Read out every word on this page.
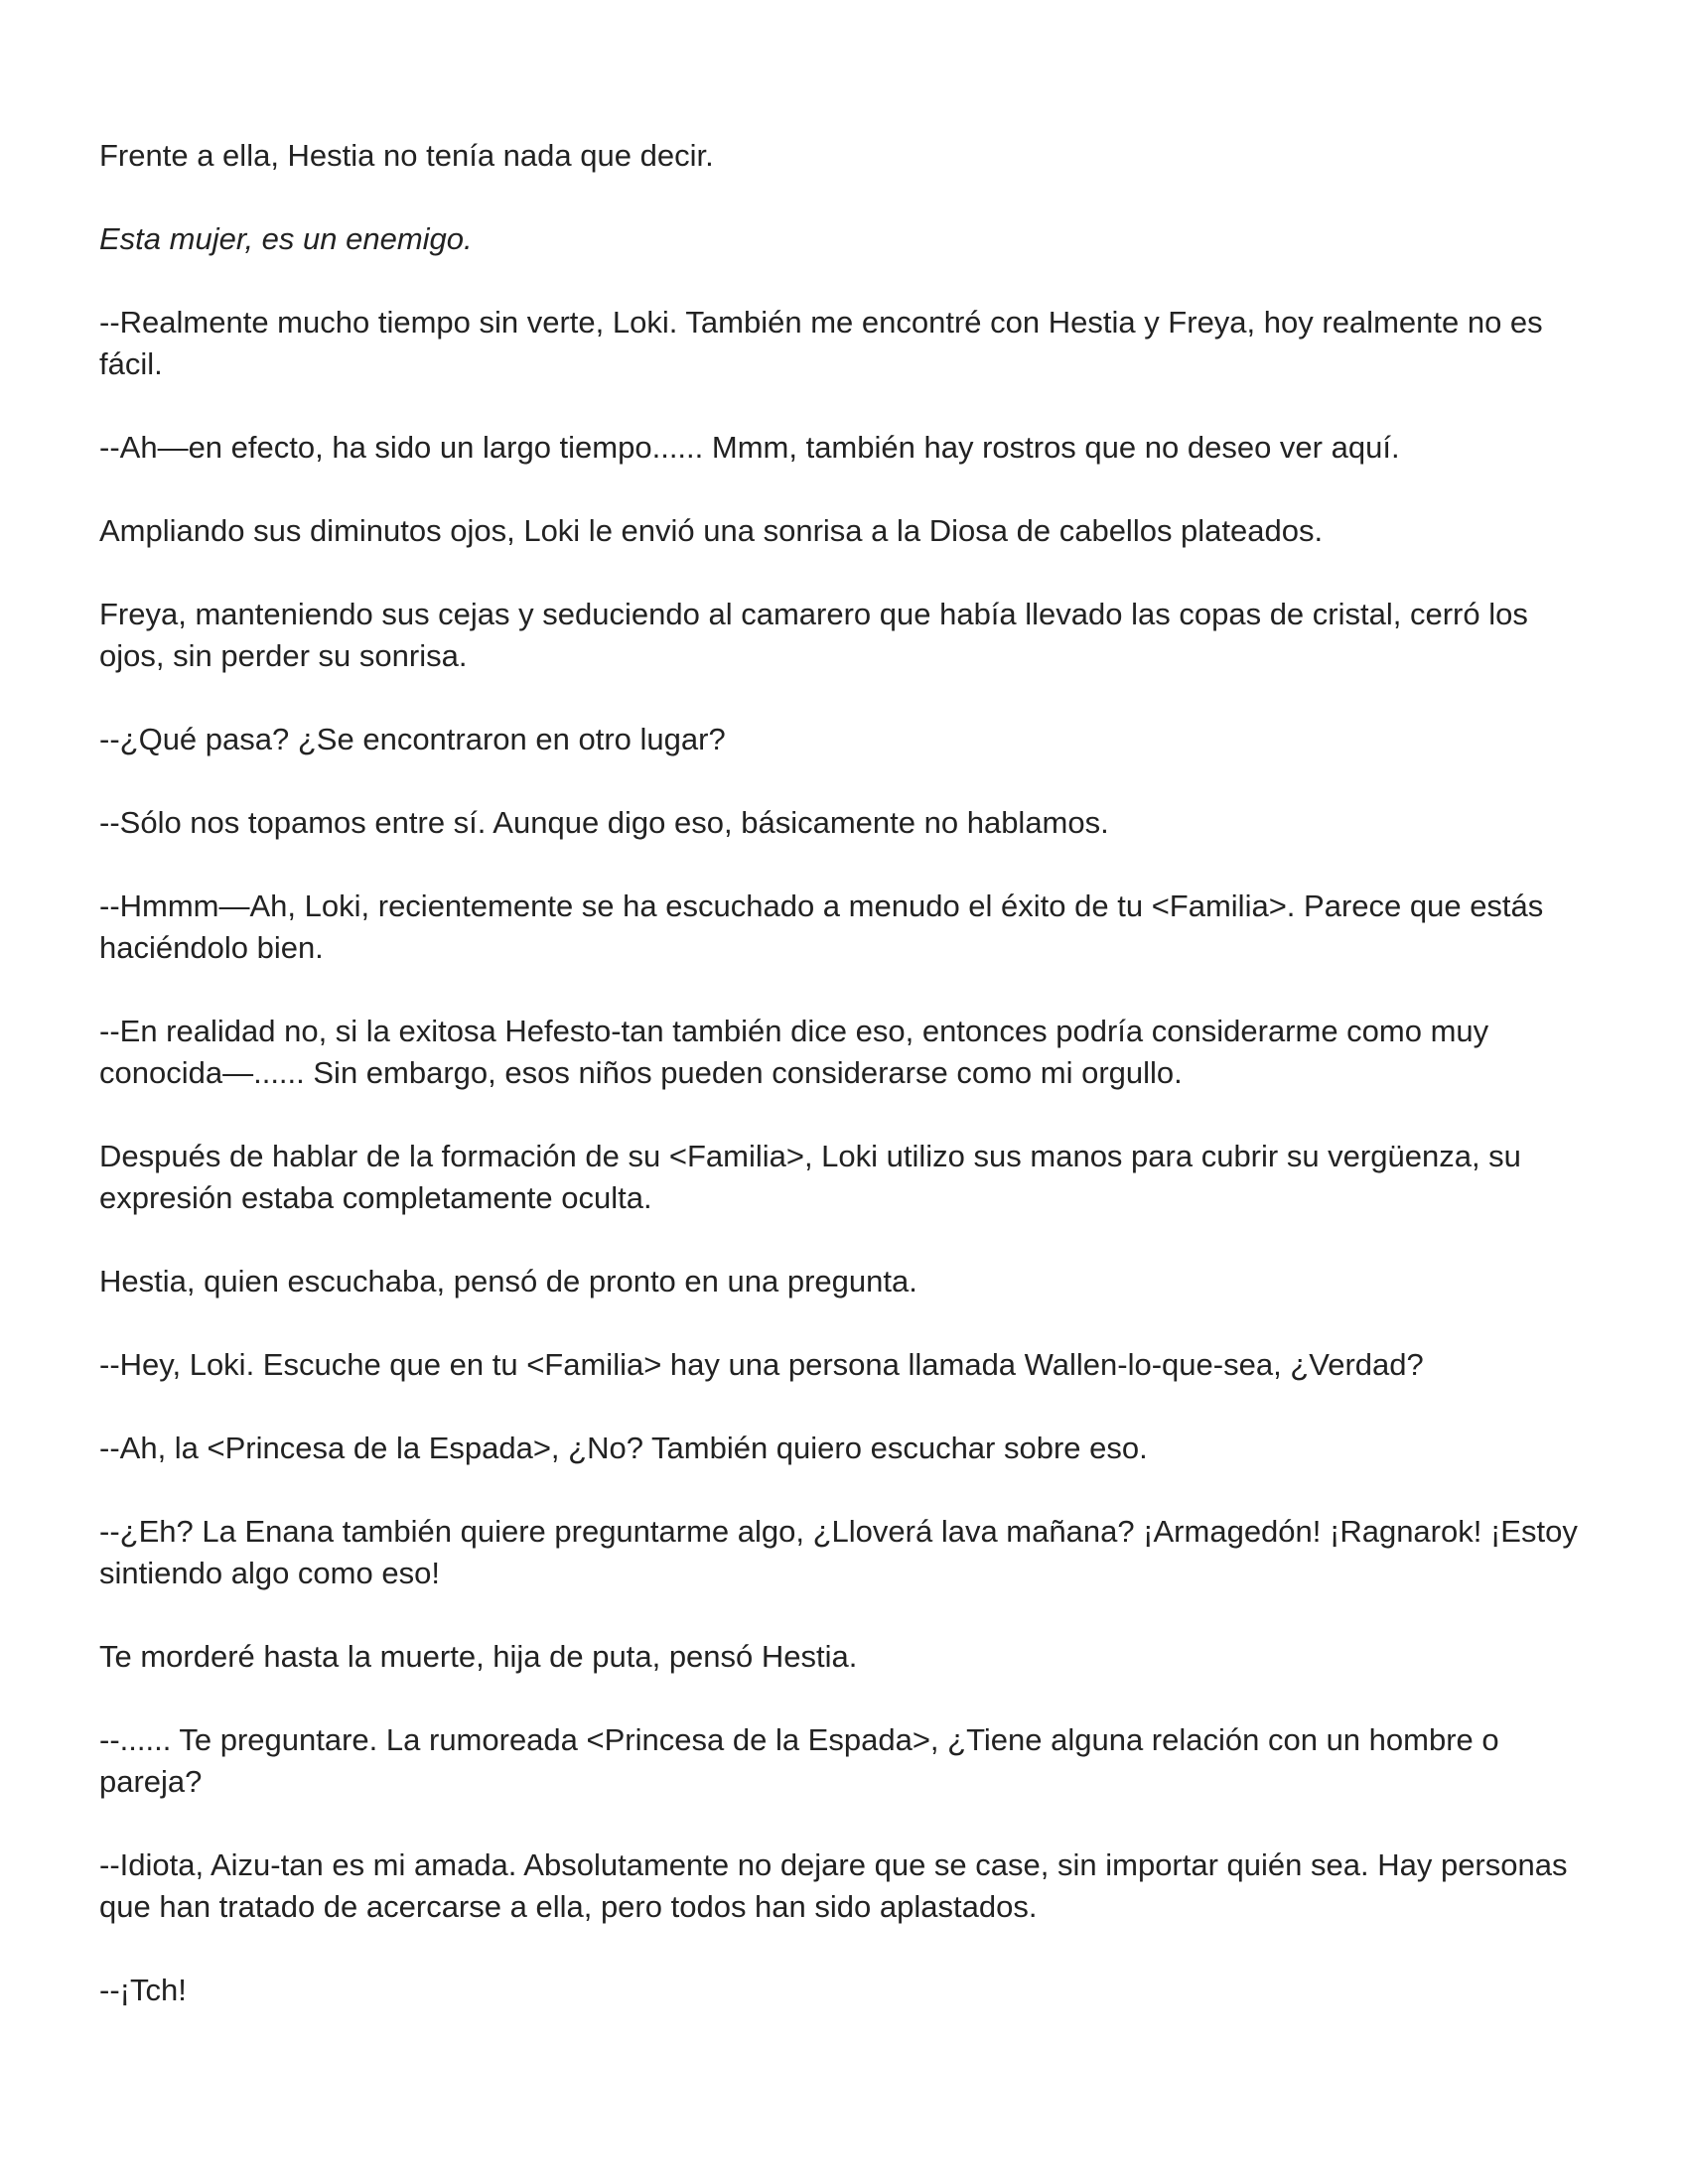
Frente a ella, Hestia no tenía nada que decir.

Esta mujer, es un enemigo.

--Realmente mucho tiempo sin verte, Loki. También me encontré con Hestia y Freya, hoy realmente no es fácil.

--Ah—en efecto, ha sido un largo tiempo...... Mmm, también hay rostros que no deseo ver aquí.

Ampliando sus diminutos ojos, Loki le envió una sonrisa a la Diosa de cabellos plateados.

Freya, manteniendo sus cejas y seduciendo al camarero que había llevado las copas de cristal, cerró los ojos, sin perder su sonrisa.

--¿Qué pasa? ¿Se encontraron en otro lugar?

--Sólo nos topamos entre sí. Aunque digo eso, básicamente no hablamos.

--Hmmm—Ah, Loki, recientemente se ha escuchado a menudo el éxito de tu <Familia>. Parece que estás haciéndolo bien.

--En realidad no, si la exitosa Hefesto-tan también dice eso, entonces podría considerarme como muy conocida—...... Sin embargo, esos niños pueden considerarse como mi orgullo.

Después de hablar de la formación de su <Familia>, Loki utilizo sus manos para cubrir su vergüenza, su expresión estaba completamente oculta.

Hestia, quien escuchaba, pensó de pronto en una pregunta.

--Hey, Loki. Escuche que en tu <Familia> hay una persona llamada Wallen-lo-que-sea, ¿Verdad?

--Ah, la <Princesa de la Espada>, ¿No? También quiero escuchar sobre eso.

--¿Eh? La Enana también quiere preguntarme algo, ¿Lloverá lava mañana? ¡Armagedón! ¡Ragnarok! ¡Estoy sintiendo algo como eso!

Te morderé hasta la muerte, hija de puta, pensó Hestia.

--...... Te preguntare. La rumoreada <Princesa de la Espada>, ¿Tiene alguna relación con un hombre o pareja?

--Idiota, Aizu-tan es mi amada. Absolutamente no dejare que se case, sin importar quién sea. Hay personas que han tratado de acercarse a ella, pero todos han sido aplastados.

--¡Tch!
